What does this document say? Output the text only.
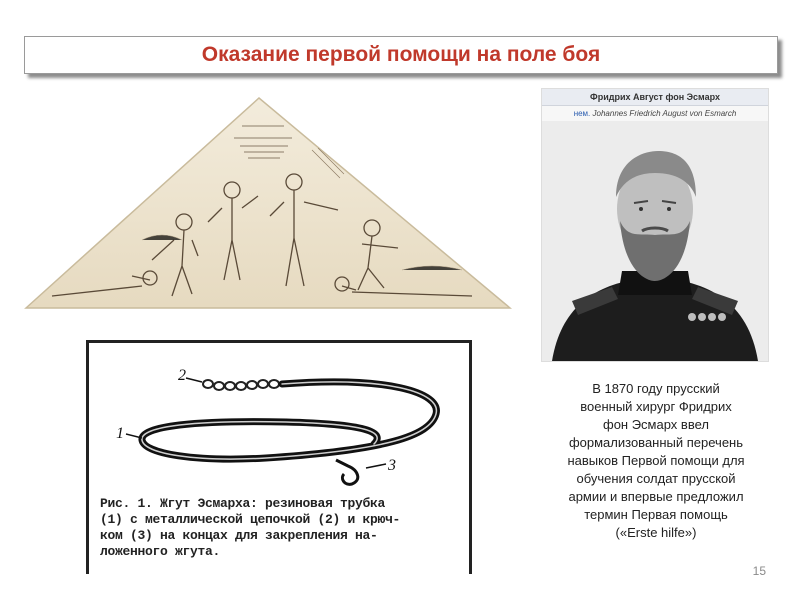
Оказание первой помощи на поле боя
Фридрих Август фон Эсмарх
нем. Johannes Friedrich August von Esmarch
2
1
3
Рис. 1. Жгут Эсмарха: резиновая трубка
(1) с металлической цепочкой (2) и крюч-
ком (3) на концах для закрепления на-
ложенного жгута.
В 1870 году прусский
военный хирург Фридрих
фон Эсмарх ввел
формализованный перечень
навыков Первой помощи для
обучения солдат прусской
армии и впервые предложил
термин Первая помощь
(«Erste hilfe»)
15
